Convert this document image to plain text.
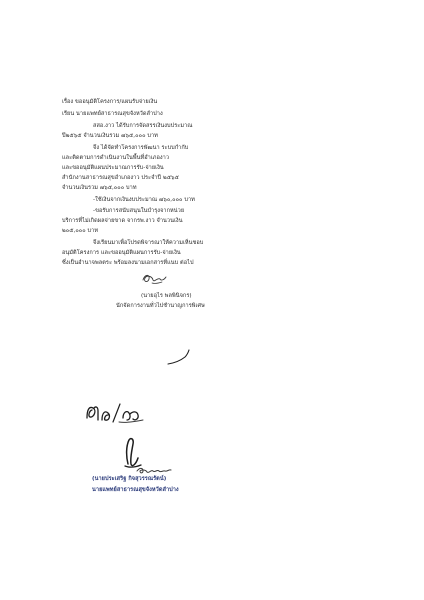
เรื่อง ขออนุมัติโครงการ/แผนรับจ่ายเงิน

เรียน นายแพทย์สาธารณสุขจังหวัดลำปาง

สสอ.งาว ได้รับการจัดสรรเงินงบประมาณ

ปี๒๕๖๕ จำนวนเงินรวม ๗๖๕,๐๐๐ บาท

จึง ได้จัดทำโครงการพัฒนา ระบบกำกับ

และติดตามการดำเนินงานในพื้นที่อำเภองาว

และขออนุมัติแผนประมาณการรับ-จ่ายเงิน

สำนักงานสาธารณสุขอำเภองาว ประจำปี ๒๕๖๕

จำนวนเงินรวม ๗๖๕,๐๐๐ บาท

-ใช้เงินจากเงินงบประมาณ ๗๖๐,๐๐๐ บาท

-ขอรับการสนับสนุนในบำรุงจากหน่วย

บริการที่ไม่เกิดผลจ่ายขาด จากรพ.งาว จำนวนเงิน

๒๐๕,๐๐๐ บาท

จึงเรียนมาเพื่อโปรดพิจารณาให้ความเห็นชอบ

อนุมัติโครงการ และขออนุมัติแผนการรับ-จ่ายเงิน

ซึ่งเป็นอำนาจพลตระ พร้อมลงนามเอกสารที่แนบ ต่อไป

(นายอุไร พลพินิจกร)

นักจัดการงานทั่วไปชำนาญการพิเศษ

(นายประเสริฐ กิจสุวรรณรัตน์)

นายแพทย์สาธารณสุขจังหวัดลำปาง
